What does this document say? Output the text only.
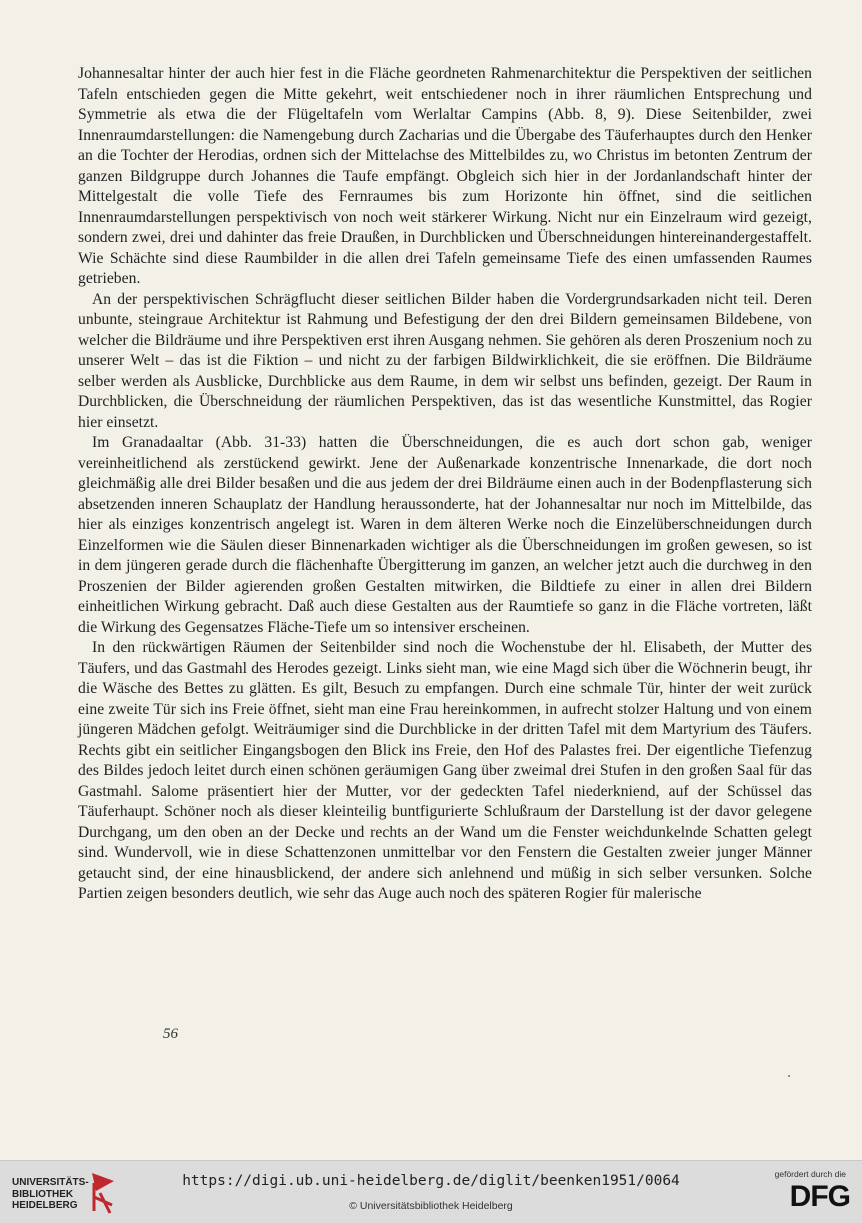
Johannesaltar hinter der auch hier fest in die Fläche geordneten Rahmenarchitektur die Perspektiven der seitlichen Tafeln entschieden gegen die Mitte gekehrt, weit entschiedener noch in ihrer räumlichen Entsprechung und Symmetrie als etwa die der Flügeltafeln vom Werlaltar Campins (Abb. 8, 9). Diese Seitenbilder, zwei Innenraumdarstellungen: die Namengebung durch Zacharias und die Übergabe des Täuferhauptes durch den Henker an die Tochter der Herodias, ordnen sich der Mittelachse des Mittelbildes zu, wo Christus im betonten Zentrum der ganzen Bildgruppe durch Johannes die Taufe empfängt. Obgleich sich hier in der Jordanlandschaft hinter der Mittelgestalt die volle Tiefe des Fernraumes bis zum Horizonte hin öffnet, sind die seitlichen Innenraumdarstellungen perspektivisch von noch weit stärkerer Wirkung. Nicht nur ein Einzelraum wird gezeigt, sondern zwei, drei und dahinter das freie Draußen, in Durchblicken und Überschneidungen hintereinandergestaffelt. Wie Schächte sind diese Raumbilder in die allen drei Tafeln gemeinsame Tiefe des einen umfassenden Raumes getrieben.

An der perspektivischen Schrägflucht dieser seitlichen Bilder haben die Vordergrundsarkaden nicht teil. Deren unbunte, steingraue Architektur ist Rahmung und Befestigung der den drei Bildern gemeinsamen Bildebene, von welcher die Bildräume und ihre Perspektiven erst ihren Ausgang nehmen. Sie gehören als deren Proszenium noch zu unserer Welt – das ist die Fiktion – und nicht zu der farbigen Bildwirklichkeit, die sie eröffnen. Die Bildräume selber werden als Ausblicke, Durchblicke aus dem Raume, in dem wir selbst uns befinden, gezeigt. Der Raum in Durchblicken, die Überschneidung der räumlichen Perspektiven, das ist das wesentliche Kunstmittel, das Rogier hier einsetzt.

Im Granadaaltar (Abb. 31-33) hatten die Überschneidungen, die es auch dort schon gab, weniger vereinheitlichend als zerstückend gewirkt. Jene der Außenarkade konzentrische Innenarkade, die dort noch gleichmäßig alle drei Bilder besaßen und die aus jedem der drei Bildräume einen auch in der Bodenpflasterung sich absetzenden inneren Schauplatz der Handlung heraussonderte, hat der Johannesaltar nur noch im Mittelbilde, das hier als einziges konzentrisch angelegt ist. Waren in dem älteren Werke noch die Einzelüberschneidungen durch Einzelformen wie die Säulen dieser Binnenarkaden wichtiger als die Überschneidungen im großen gewesen, so ist in dem jüngeren gerade durch die flächenhafte Übergitterung im ganzen, an welcher jetzt auch die durchweg in den Proszenien der Bilder agierenden großen Gestalten mitwirken, die Bildtiefe zu einer in allen drei Bildern einheitlichen Wirkung gebracht. Daß auch diese Gestalten aus der Raumtiefe so ganz in die Fläche vortreten, läßt die Wirkung des Gegensatzes Fläche-Tiefe um so intensiver erscheinen.

In den rückwärtigen Räumen der Seitenbilder sind noch die Wochenstube der hl. Elisabeth, der Mutter des Täufers, und das Gastmahl des Herodes gezeigt. Links sieht man, wie eine Magd sich über die Wöchnerin beugt, ihr die Wäsche des Bettes zu glätten. Es gilt, Besuch zu empfangen. Durch eine schmale Tür, hinter der weit zurück eine zweite Tür sich ins Freie öffnet, sieht man eine Frau hereinkommen, in aufrecht stolzer Haltung und von einem jüngeren Mädchen gefolgt. Weiträumiger sind die Durchblicke in der dritten Tafel mit dem Martyrium des Täufers. Rechts gibt ein seitlicher Eingangsbogen den Blick ins Freie, den Hof des Palastes frei. Der eigentliche Tiefenzug des Bildes jedoch leitet durch einen schönen geräumigen Gang über zweimal drei Stufen in den großen Saal für das Gastmahl. Salome präsentiert hier der Mutter, vor der gedeckten Tafel niederkniend, auf der Schüssel das Täuferhaupt. Schöner noch als dieser kleinteilig buntfigurierte Schlußraum der Darstellung ist der davor gelegene Durchgang, um den oben an der Decke und rechts an der Wand um die Fenster weichdunkelnde Schatten gelegt sind. Wundervoll, wie in diese Schattenzonen unmittelbar vor den Fenstern die Gestalten zweier junger Männer getaucht sind, der eine hinausblickend, der andere sich anlehnend und müßig in sich selber versunken. Solche Partien zeigen besonders deutlich, wie sehr das Auge auch noch des späteren Rogier für malerische

56
UNIVERSITÄTS-
BIBLIOTHEK
HEIDELBERG
https://digi.ub.uni-heidelberg.de/diglit/beenken1951/0064
© Universitätsbibliothek Heidelberg
gefördert durch die
DFG
